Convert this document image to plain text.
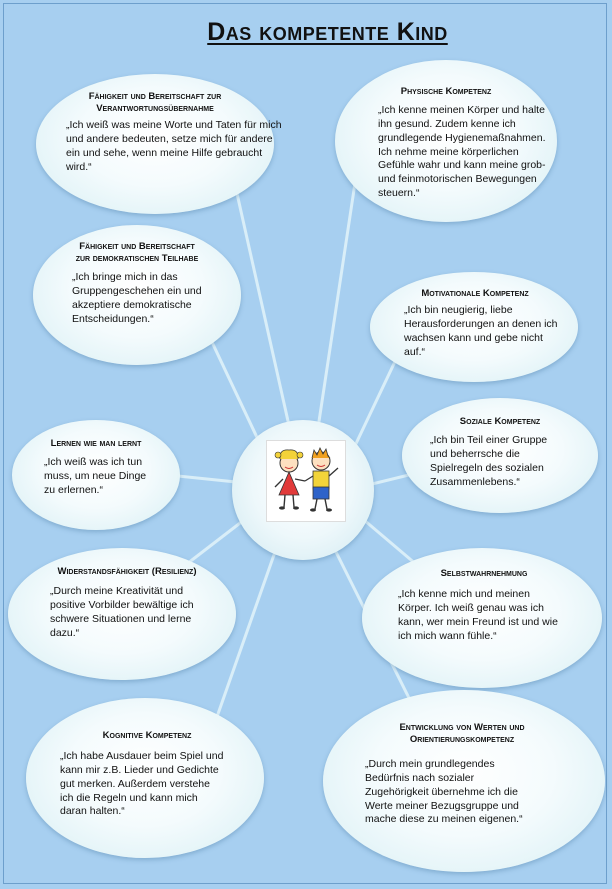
Das kompetente Kind
Fähigkeit und Bereitschaft zur
Verantwortungsübernahme
„Ich weiß was meine Worte und Taten für mich
und andere bedeuten, setze mich für andere
ein und sehe, wenn meine Hilfe gebraucht
wird.“
Physische Kompetenz
„Ich kenne meinen Körper und halte
ihn gesund. Zudem kenne ich
grundlegende Hygienemaßnahmen.
Ich nehme meine körperlichen
Gefühle wahr und kann meine grob-
und feinmotorischen Bewegungen
steuern.“
Fähigkeit und Bereitschaft
zur demokratischen Teilhabe
„Ich bringe mich in das
Gruppengeschehen ein und
akzeptiere demokratische
Entscheidungen.“
Motivationale Kompetenz
„Ich bin neugierig, liebe
Herausforderungen an denen ich
wachsen kann und gebe nicht
auf.“
Lernen wie man lernt
„Ich weiß was ich tun
muss, um neue Dinge
zu erlernen.“
Soziale Kompetenz
„Ich bin Teil einer Gruppe
und beherrsche die
Spielregeln des sozialen
Zusammenlebens.“
Widerstandsfähigkeit (Resilienz)
„Durch meine Kreativität und
positive Vorbilder bewältige ich
schwere Situationen und lerne
dazu.“
Selbstwahrnehmung
„Ich kenne mich und meinen
Körper. Ich weiß genau was ich
kann, wer mein Freund ist und wie
ich mich wann fühle.“
Kognitive Kompetenz
„Ich habe Ausdauer beim Spiel und
kann mir z.B. Lieder und Gedichte
gut merken. Außerdem verstehe
ich die Regeln und kann mich
daran halten.“
Entwicklung von Werten und
Orientierungskompetenz
„Durch mein grundlegendes
Bedürfnis nach sozialer
Zugehörigkeit übernehme ich die
Werte meiner Bezugsgruppe und
mache diese zu meinen eigenen.“
